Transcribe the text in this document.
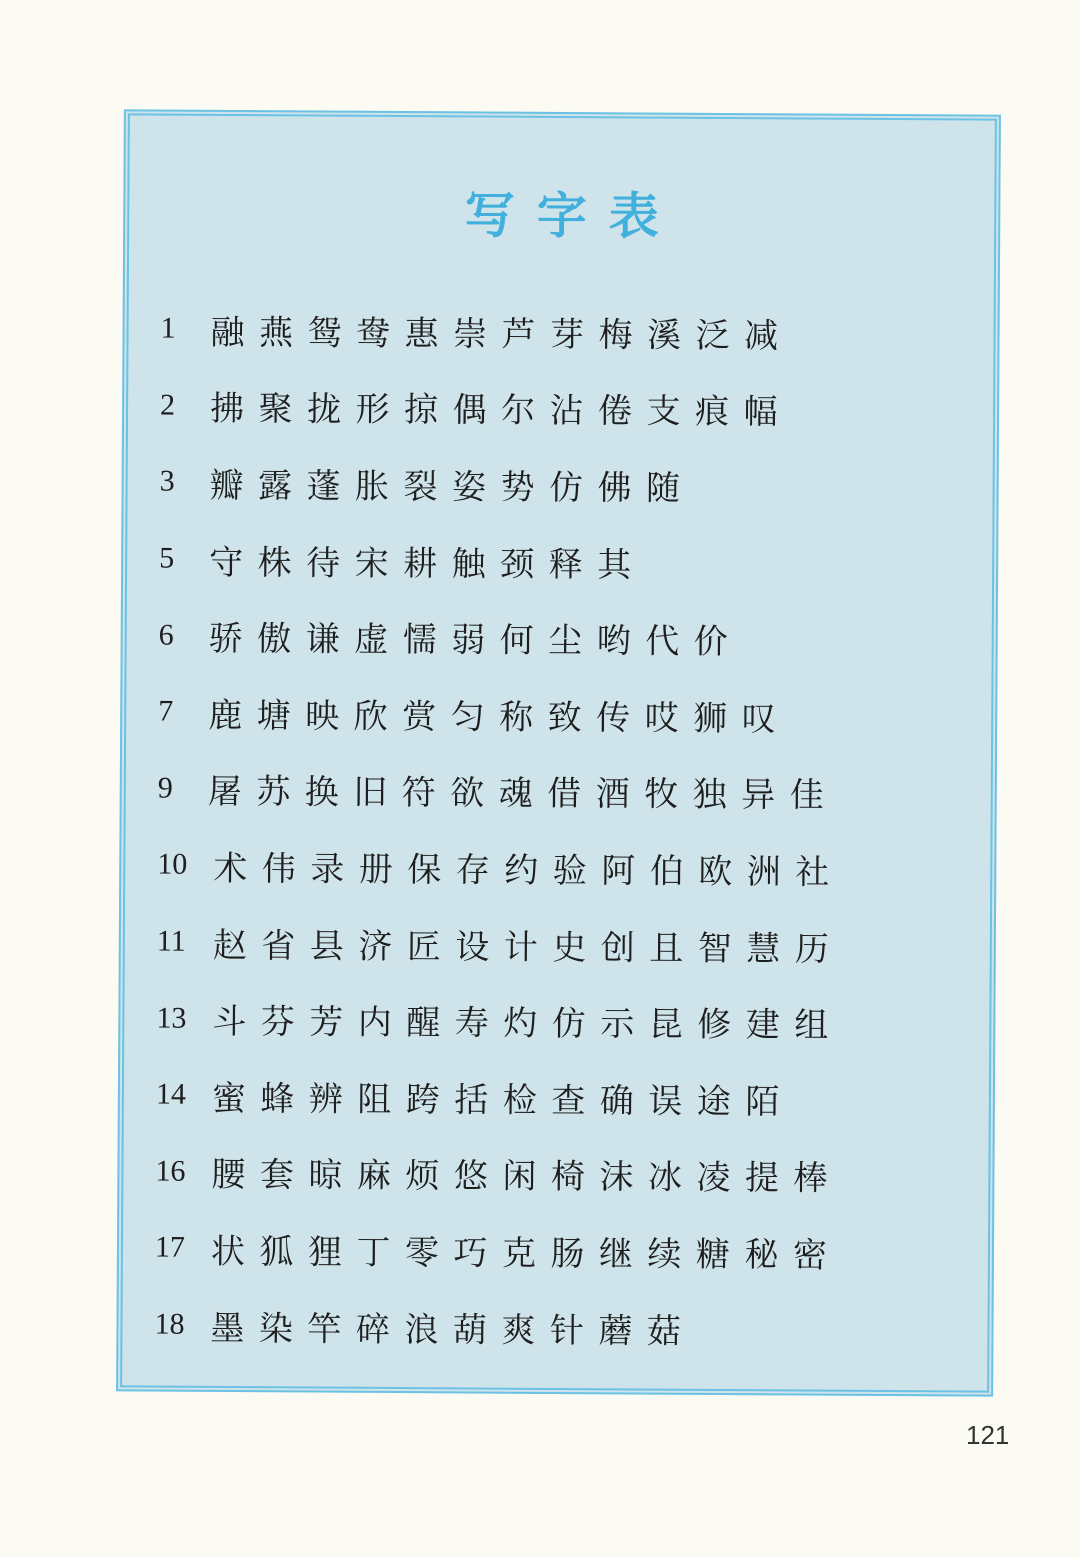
写字表
1	融燕鸳鸯惠崇芦芽梅溪泛减
2	拂聚拢形掠偶尔沾倦支痕幅
3	瓣露蓬胀裂姿势仿佛随
5	守株待宋耕触颈释其
6	骄傲谦虚懦弱何尘哟代价
7	鹿塘映欣赏匀称致传哎狮叹
9	屠苏换旧符欲魂借酒牧独异佳
10 术伟录册保存约验阿伯欧洲社
11 赵省县济匠设计史创且智慧历
13 斗芬芳内醒寿灼仿示昆修建组
14 蜜蜂辨阻跨括检查确误途陌
16 腰套晾麻烦悠闲椅沫冰凌提棒
17 状狐狸丁零巧克肠继续糖秘密
18 墨染竿碎浪葫爽针蘑菇
121
